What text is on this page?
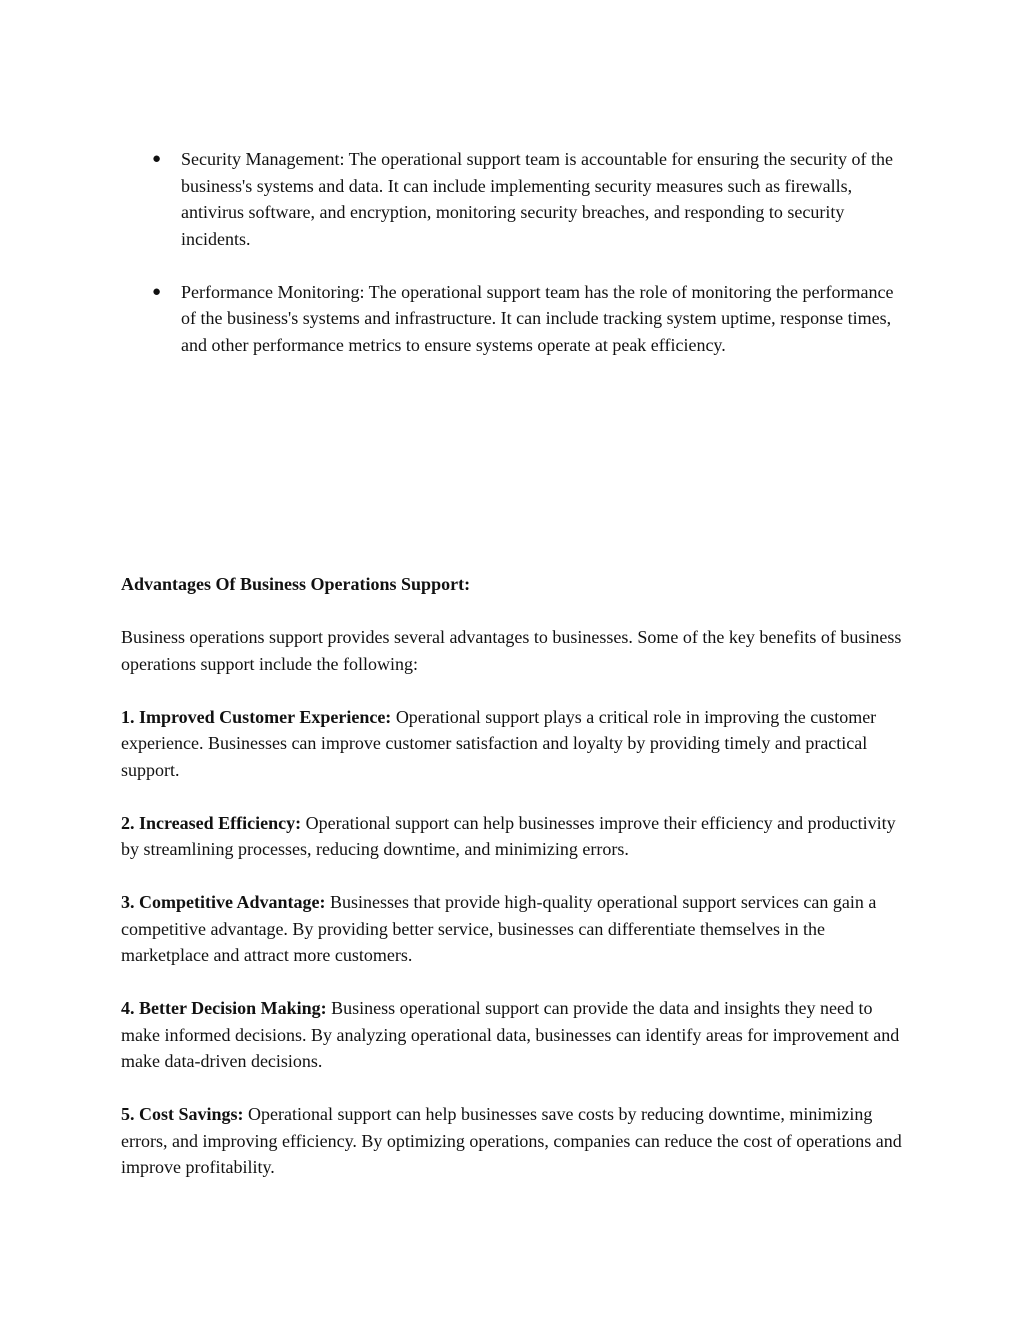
● Security Management: The operational support team is accountable for ensuring the security of the business's systems and data. It can include implementing security measures such as firewalls, antivirus software, and encryption, monitoring security breaches, and responding to security incidents.
● Performance Monitoring: The operational support team has the role of monitoring the performance of the business's systems and infrastructure. It can include tracking system uptime, response times, and other performance metrics to ensure systems operate at peak efficiency.
Advantages Of Business Operations Support:

Business operations support provides several advantages to businesses. Some of the key benefits of business operations support include the following:

1. Improved Customer Experience: Operational support plays a critical role in improving the customer experience. Businesses can improve customer satisfaction and loyalty by providing timely and practical support.

2. Increased Efficiency: Operational support can help businesses improve their efficiency and productivity by streamlining processes, reducing downtime, and minimizing errors.

3. Competitive Advantage: Businesses that provide high-quality operational support services can gain a competitive advantage. By providing better service, businesses can differentiate themselves in the marketplace and attract more customers.

4. Better Decision Making: Business operational support can provide the data and insights they need to make informed decisions. By analyzing operational data, businesses can identify areas for improvement and make data-driven decisions.

5. Cost Savings: Operational support can help businesses save costs by reducing downtime, minimizing errors, and improving efficiency. By optimizing operations, companies can reduce the cost of operations and improve profitability.
